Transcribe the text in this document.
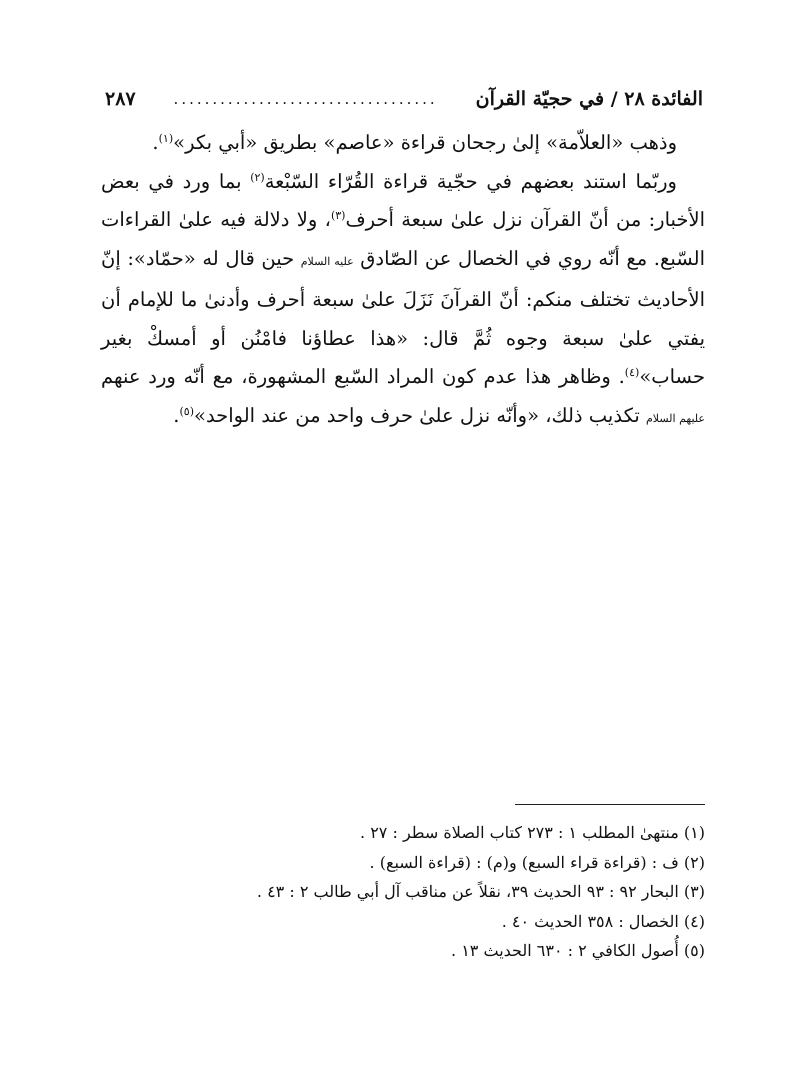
الفائدة ٢٨ / في حجيّة القرآن
..................................
٢٨٧

وذهب «العلاّمة» إلىٰ رجحان قراءة «عاصم» بطريق «أبي بكر»$^{(١)}$.

وربّما استند بعضهم في حجّية قراءة القُرّاء السّبْعة$^{(٢)}$ بما ورد في بعض الأخبار: من أنّ القرآن نزل علىٰ سبعة أحرف$^{(٣)}$، ولا دلالة فيه علىٰ القراءات السّبع. مع أنّه روي في الخصال عن الصّادق عليه السلام حين قال له «حمّاد»: إنّ الأحاديث تختلف منكم: أنّ القرآنَ نَزَلَ علىٰ سبعة أحرف وأدنىٰ ما للإمام أن يفتي علىٰ سبعة وجوه ثُمَّ قال: «هذا عطاؤنا فامْنُن أو أمسكْ بغير حساب»$^{(٤)}$. وظاهر هذا عدم كون المراد السّبع المشهورة، مع أنّه ورد عنهم عليهم السلام تكذيب ذلك، «وأنّه نزل علىٰ حرف واحد من عند الواحد»$^{(٥)}$.

(١) منتهىٰ المطلب ١ : ٢٧٣ كتاب الصلاة سطر : ٢٧ .
(٢) ف : (قراءة قراء السبع) و(م) : (قراءة السبع) .
(٣) البحار ٩٢ : ٩٣ الحديث ٣٩، نقلاً عن مناقب آل أبي طالب ٢ : ٤٣ .
(٤) الخصال : ٣٥٨ الحديث ٤٠ .
(٥) أُصول الكافي ٢ : ٦٣٠ الحديث ١٣ .
